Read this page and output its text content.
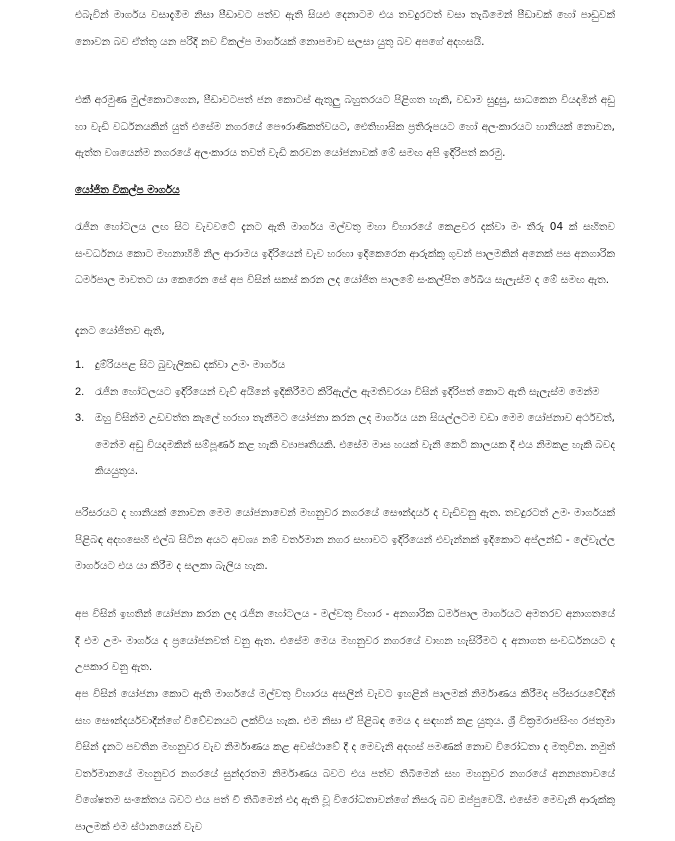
එබැවින් මාර්ගය වසාදැමීම නිසා පීඩාවට පත්ව ඇති සියළු දෙනාටම එය තවදුරටත් වසා තැබීමෙන් පීඩාවක් හෝ පාඩුවක් නොවන බව ඒත්තු යන පරිදි නව විකල්ප මාර්ගයක් නොපමාව සලසා යුතු බව අපගේ අදහසයි.

එකී අරමුණ මුල්කොටගෙන, පීඩාවටපත් ජන කොටස් ඇතුලු බහුතරයට පිළිගත හැකි, වඩාම සුදුසු, සාධකෙන වියදමින් අඩු හා වැඩි වර්ධනයකින් යුත් එසේම නගරයේ පෞරාණිකත්වයට, ඓතිහාසික ප්‍රතිරූපයට හෝ අලංකාරයට හානියක් නොවන, ඇත්ත වශයෙන්ම නගරයේ අලංකාරය තවත් වැඩි කරවන යෝජනාවක් මේ සමඟ අපි ඉදිරිපත් කරමු.

යෝජිත විකල්ප මාර්ගය

රැජින හෝටලය ලඟ සිට වැවවටේ දැනට ඇති මාර්ගය මල්වතු මහා විහාරයේ කෙළවර දක්වා මං තීරු 04 ක් සහිතව සංවර්ධනය කොට මහනාහිමි නිල ආරාමය ඉදිරියෙන් වැව හරහා ඉදිකෙරෙන ආරුක්කු ගුවන් පාලමකින් අනෙක් පස අනගාරික ධර්මපාල මාවතට යා කෙරෙන සේ අප විසින් සකස් කරන ලද යෝජිත පාලමේ සංකල්පිත රේඛීය සැලැස්ම ද මේ සමඟ ඇත.

දැනට යෝජිතව ඇති,

1. දුම්රියපළ සිට බුවැලිකඩ දක්වා උමං මාර්ගය
2. රැජින හෝටලයට ඉදිරියෙන් වැව් අයිනේ ඉදිකිරීමට කිරිඇල්ල ඇමතිවරයා විසින් ඉදිරිපත් කොට ඇති සැලැස්ම මෙන්ම
3. ඔහු විසින්ම උඩවත්ත කැලේ හරහා තැනීමට යෝජනා කරන ලද මාර්ගය යන සියල්ලටම වඩා මෙම යෝජනාව අර්ථවත්, මෙන්ම අඩු වියදමකින් සම්පූර්ණ කළ හැකි ව්‍යාපෘතියකි. එසේම මාස හයක් වැනි කෙටි කාලයක දී එය නිමකළ හැකි බවද කියයුතුය.

පරිසරයට ද හානියක් නොවන මෙම යෝජනාවෙන් මහනුවර නගරයේ සෞන්දර්ය ද වැඩිවනු ඇත. තවදුරටත් උමං මාර්ගයක් පිළිබඳ අදහසෙහි එල්බ සිටින අයට අවශ්‍ය නම් වර්තමාන නගර සභාවට ඉදිරියෙන් එවැන්නක් ඉදිකොට අප්ලන්ඩ් - ලේවැල්ල මාර්ගයට එය යා කිරීම ද සලකා බැලිය හැක.

අප විසින් ඉහතින් යෝජනා කරන ලද රැජින හෝටලය - මල්වතු විහාර - අනගාරික ධර්මපාල මාර්ගයට අමතරව අනාගතයේ දී එම උමං මාර්ගය ද ප්‍රයෝජනවත් වනු ඇත. එසේම මෙය මහනුවර නගරයේ වාහන හැසිරීමට ද අනාගත සංවර්ධනයට ද උපකාර වනු ඇත.

අප විසින් යෝජනා කොට ඇති මාර්ගයේ මල්වතු විහාරය අසලින් වැවට ඉහළින් පාලමක් නිර්මාණය කිරීමද පරිසරයවේදීන් සහ සෞන්දර්යවාදීන්ගේ විවේචනයට ලක්විය හැක. එම නිසා ඒ පිළිබඳ මෙය ද සඳහන් කළ යුතුය. ශ්‍රී වික්‍රමරාජසිංහ රජතුමා විසින් දැනට පවතින මහනුවර වැව නිර්මාණය කළ අවස්ථාවේ දී ද මෙවැනි අදහස් පමණක් නොව විරෝධතා ද මතුවින. නමුත් වර්තමානයේ මහනුවර නගරයේ සුන්දරතම නිර්මාණය බවට එය පත්ව තිබීමෙන් සහ මහනුවර නගරයේ අනන්‍යතාවයේ විශේෂතම සංකේතය බවට එය පත් වී තිබීමෙන් එදා ඇති වූ විරෝධතාවන්ගේ නිසරු බව ඔප්පුවෙයි. එසේම මෙවැනි ආරුක්කු පාලමක් එම ස්ථානයෙන් වැව
